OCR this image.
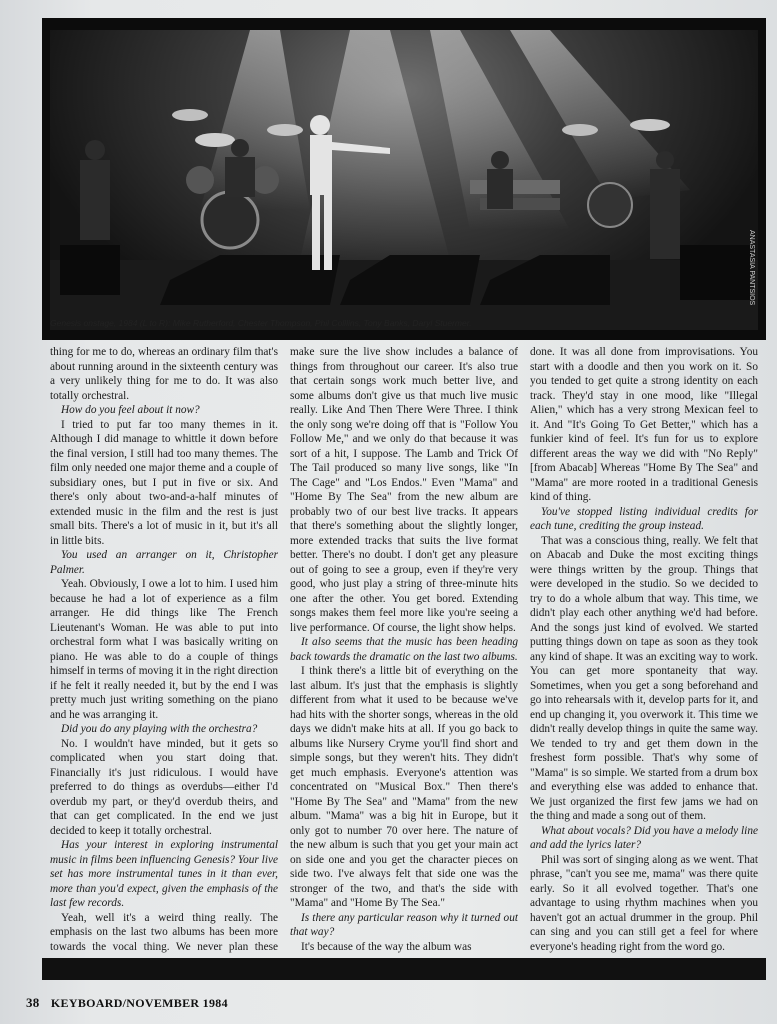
ANASTASIA PANTSIOS
Genesis onstage, 1984 (L to R): Mike Rutherford, Chester Thompson, Phil Colllins, Tony Banks, Daryl Stuermer.

thing for me to do, whereas an ordinary film that's about running around in the sixteenth century was a very unlikely thing for me to do. It was also totally orchestral.

How do you feel about it now?

I tried to put far too many themes in it. Although I did manage to whittle it down before the final version, I still had too many themes. The film only needed one major theme and a couple of subsidiary ones, but I put in five or six. And there's only about two-and-a-half minutes of extended music in the film and the rest is just small bits. There's a lot of music in it, but it's all in little bits.

You used an arranger on it, Christopher Palmer.

Yeah. Obviously, I owe a lot to him. I used him because he had a lot of experience as a film arranger. He did things like The French Lieutenant's Woman. He was able to put into orchestral form what I was basically writing on piano. He was able to do a couple of things himself in terms of moving it in the right direction if he felt it really needed it, but by the end I was pretty much just writing something on the piano and he was arranging it.

Did you do any playing with the orchestra?

No. I wouldn't have minded, but it gets so complicated when you start doing that. Financially it's just ridiculous. I would have preferred to do things as overdubs—either I'd overdub my part, or they'd overdub theirs, and that can get complicated. In the end we just decided to keep it totally orchestral.

Has your interest in exploring instrumental music in films been influencing Genesis? Your live set has more instrumental tunes in it than ever, more than you'd expect, given the emphasis of the last few records.

Yeah, well it's a weird thing really. The emphasis on the last two albums has been more towards the vocal thing. We never plan these

make sure the live show includes a balance of things from throughout our career. It's also true that certain songs work much better live, and some albums don't give us that much live music really. Like And Then There Were Three. I think the only song we're doing off that is "Follow You Follow Me," and we only do that because it was sort of a hit, I suppose. The Lamb and Trick Of The Tail produced so many live songs, like "In The Cage" and "Los Endos." Even "Mama" and "Home By The Sea" from the new album are probably two of our best live tracks. It appears that there's something about the slightly longer, more extended tracks that suits the live format better. There's no doubt. I don't get any pleasure out of going to see a group, even if they're very good, who just play a string of three-minute hits one after the other. You get bored. Extending songs makes them feel more like you're seeing a live performance. Of course, the light show helps.

It also seems that the music has been heading back towards the dramatic on the last two albums.

I think there's a little bit of everything on the last album. It's just that the emphasis is slightly different from what it used to be because we've had hits with the shorter songs, whereas in the old days we didn't make hits at all. If you go back to albums like Nursery Cryme you'll find short and simple songs, but they weren't hits. They didn't get much emphasis. Everyone's attention was concentrated on "Musical Box." Then there's "Home By The Sea" and "Mama" from the new album. "Mama" was a big hit in Europe, but it only got to number 70 over here. The nature of the new album is such that you get your main act on side one and you get the character pieces on side two. I've always felt that side one was the stronger of the two, and that's the side with "Mama" and "Home By The Sea."

Is there any particular reason why it turned out that way?

It's because of the way the album was

done. It was all done from improvisations. You start with a doodle and then you work on it. So you tended to get quite a strong identity on each track. They'd stay in one mood, like "Illegal Alien," which has a very strong Mexican feel to it. And "It's Going To Get Better," which has a funkier kind of feel. It's fun for us to explore different areas the way we did with "No Reply" [from Abacab] Whereas "Home By The Sea" and "Mama" are more rooted in a traditional Genesis kind of thing.

You've stopped listing individual credits for each tune, crediting the group instead.

That was a conscious thing, really. We felt that on Abacab and Duke the most exciting things were things written by the group. Things that were developed in the studio. So we decided to try to do a whole album that way. This time, we didn't play each other anything we'd had before. And the songs just kind of evolved. We started putting things down on tape as soon as they took any kind of shape. It was an exciting way to work. You can get more spontaneity that way. Sometimes, when you get a song beforehand and go into rehearsals with it, develop parts for it, and end up changing it, you overwork it. This time we didn't really develop things in quite the same way. We tended to try and get them down in the freshest form possible. That's why some of "Mama" is so simple. We started from a drum box and everything else was added to enhance that. We just organized the first few jams we had on the thing and made a song out of them.

What about vocals? Did you have a melody line and add the lyrics later?

Phil was sort of singing along as we went. That phrase, "can't you see me, mama" was there quite early. So it all evolved together. That's one advantage to using rhythm machines when you haven't got an actual drummer in the group. Phil can sing and you can still get a feel for where everyone's heading right from the word go.

38 KEYBOARD/NOVEMBER 1984
